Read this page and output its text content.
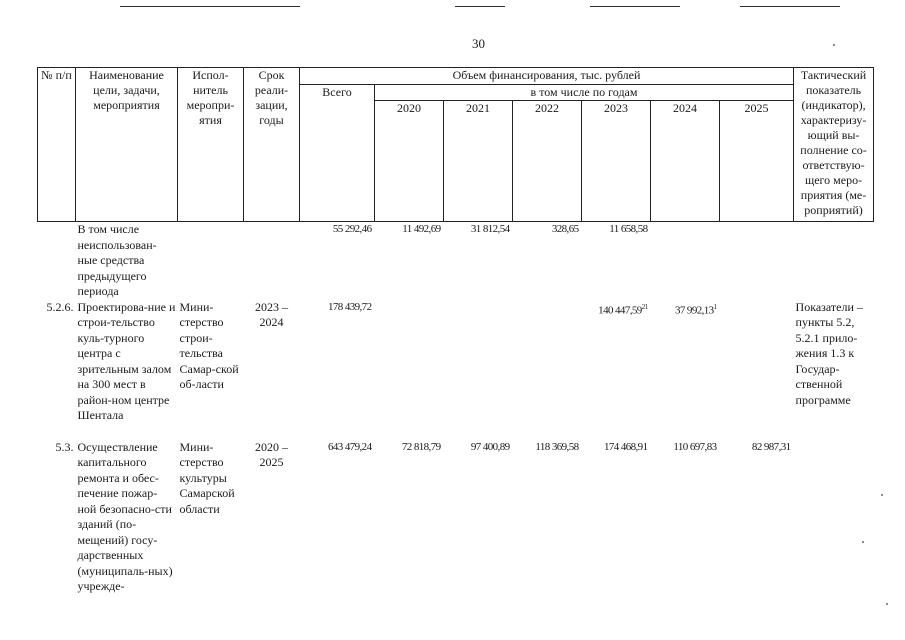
30
№ п/п	Наименование цели, задачи, мероприятия	Испол-нитель меропри-ятия	Срок реали-зации, годы	Объем финансирования, тыс. рублей							Тактический показатель (индикатор), характеризу-ющий вы-полнение со-ответствую-щего меро-приятия (ме-роприятий)
				Всего	в том числе по годам						
					2020	2021	2022	2023	2024	2025	
	В том числе неиспользован-ные средства предыдущего периода			55 292,46	11 492,69	31 812,54	328,65	11 658,58			
5.2.6.	Проектирова-ние и строи-тельство куль-турного центра с зрительным залом на 300 мест в район-ном центре Шентала	Мини-стерство строи-тельства Самар-ской об-ласти	2023 – 2024	178 439,72				140 447,59$^{21}$	37 992,13$^1$		Показатели – пункты 5.2, 5.2.1 прило-жения 1.3 к Государ-ственной программе
5.3.	Осуществление капитального ремонта и обес-печение пожар-ной безопасно-сти зданий (по-мещений) госу-дарственных (муниципаль-ных) учрежде-	Мини-стерство культуры Самарской области	2020 – 2025	643 479,24	72 818,79	97 400,89	118 369,58	174 468,91	110 697,83	82 987,31	
